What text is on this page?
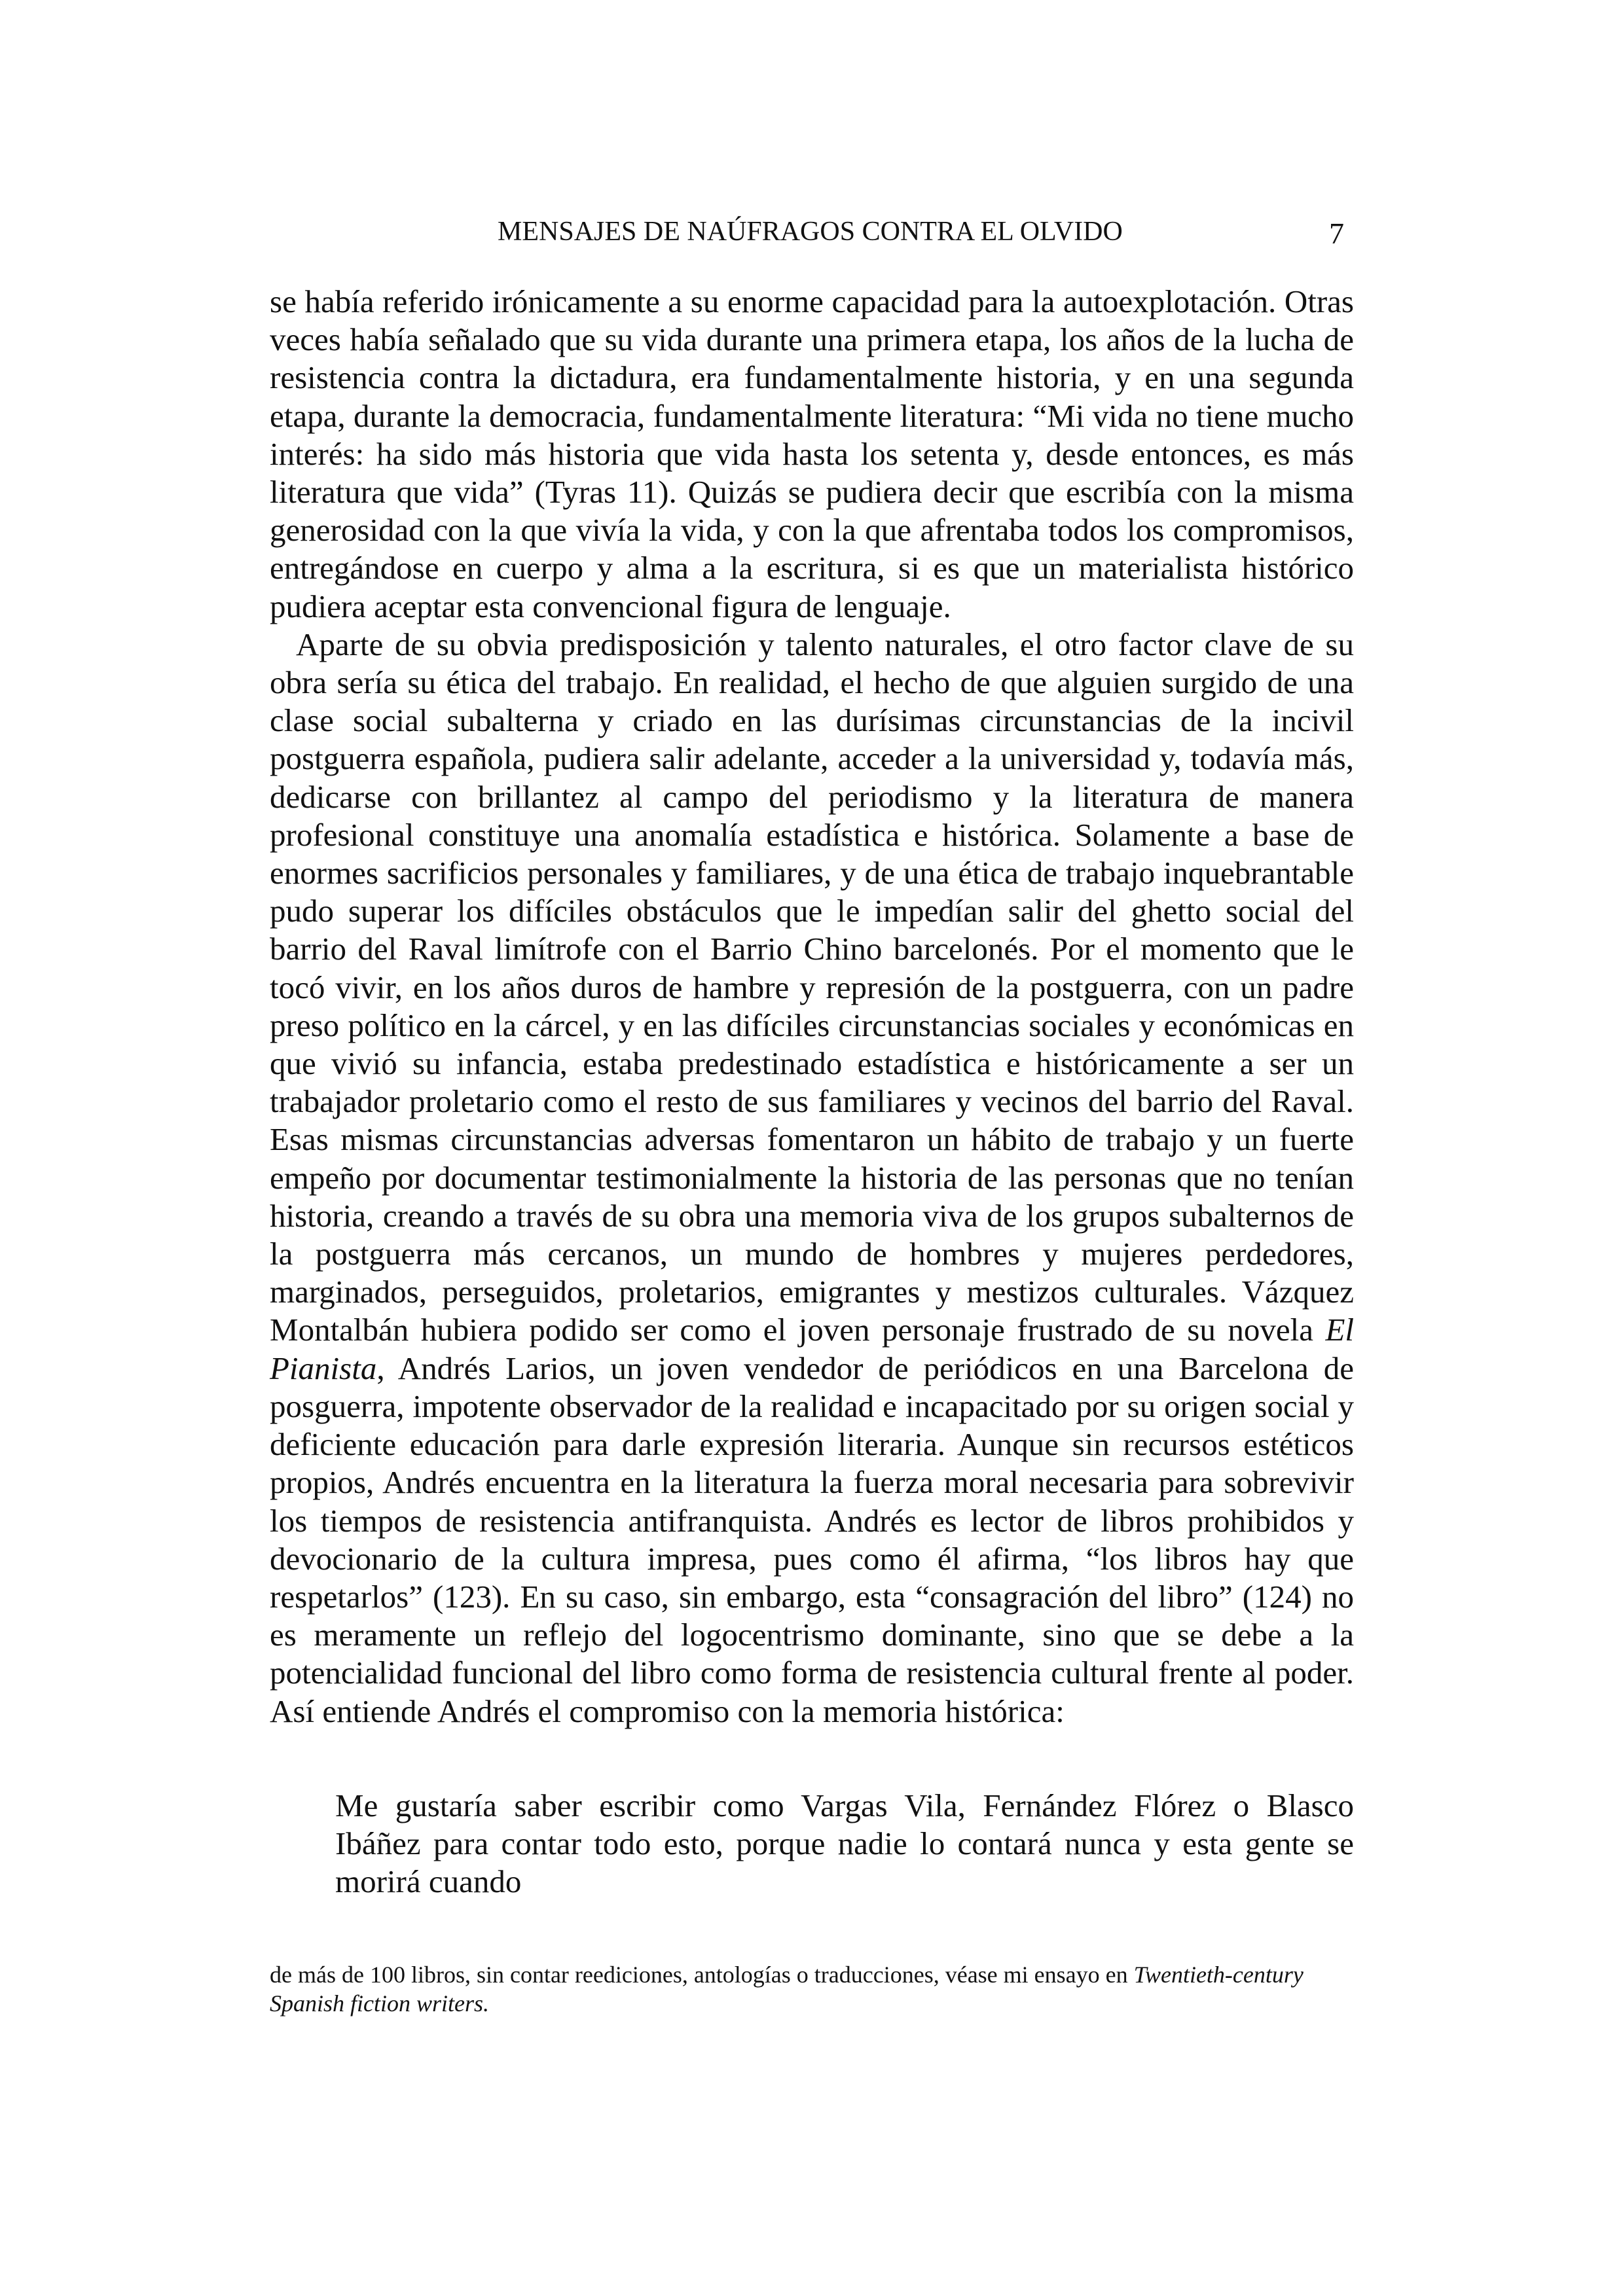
MENSAJES DE NAÚFRAGOS CONTRA EL OLVIDO	7

se había referido irónicamente a su enorme capacidad para la autoexplotación. Otras veces había señalado que su vida durante una primera etapa, los años de la lucha de resistencia contra la dictadura, era fundamentalmente historia, y en una segunda etapa, durante la democracia, fundamentalmente literatura: “Mi vida no tiene mucho interés: ha sido más historia que vida hasta los setenta y, desde entonces, es más literatura que vida” (Tyras 11). Quizás se pudiera decir que escribía con la misma generosidad con la que vivía la vida, y con la que afrentaba todos los compromisos, entregándose en cuerpo y alma a la escritura, si es que un materialista histórico pudiera aceptar esta convencional figura de lenguaje.

Aparte de su obvia predisposición y talento naturales, el otro factor clave de su obra sería su ética del trabajo. En realidad, el hecho de que alguien surgido de una clase social subalterna y criado en las durísimas circunstancias de la incivil postguerra española, pudiera salir adelante, acceder a la universidad y, todavía más, dedicarse con brillantez al campo del periodismo y la literatura de manera profesional constituye una anomalía estadística e histórica. Solamente a base de enormes sacrificios personales y familiares, y de una ética de trabajo inquebrantable pudo superar los difíciles obstáculos que le impedían salir del ghetto social del barrio del Raval limítrofe con el Barrio Chino barcelonés. Por el momento que le tocó vivir, en los años duros de hambre y represión de la postguerra, con un padre preso político en la cárcel, y en las difíciles circunstancias sociales y económicas en que vivió su infancia, estaba predestinado estadística e históricamente a ser un trabajador proletario como el resto de sus familiares y vecinos del barrio del Raval. Esas mismas circunstancias adversas fomentaron un hábito de trabajo y un fuerte empeño por documentar testimonialmente la historia de las personas que no tenían historia, creando a través de su obra una memoria viva de los grupos subalternos de la postguerra más cercanos, un mundo de hombres y mujeres perdedores, marginados, perseguidos, proletarios, emigrantes y mestizos culturales. Vázquez Montalbán hubiera podido ser como el joven personaje frustrado de su novela El Pianista, Andrés Larios, un joven vendedor de periódicos en una Barcelona de posguerra, impotente observador de la realidad e incapacitado por su origen social y deficiente educación para darle expresión literaria. Aunque sin recursos estéticos propios, Andrés encuentra en la literatura la fuerza moral necesaria para sobrevivir los tiempos de resistencia antifranquista. Andrés es lector de libros prohibidos y devocionario de la cultura impresa, pues como él afirma, “los libros hay que respetarlos” (123). En su caso, sin embargo, esta “consagración del libro” (124) no es meramente un reflejo del logocentrismo dominante, sino que se debe a la potencialidad funcional del libro como forma de resistencia cultural frente al poder. Así entiende Andrés el compromiso con la memoria histórica:

Me gustaría saber escribir como Vargas Vila, Fernández Flórez o Blasco Ibáñez para contar todo esto, porque nadie lo contará nunca y esta gente se morirá cuando

de más de 100 libros, sin contar reediciones, antologías o traducciones, véase mi ensayo en Twentieth-century Spanish fiction writers.
